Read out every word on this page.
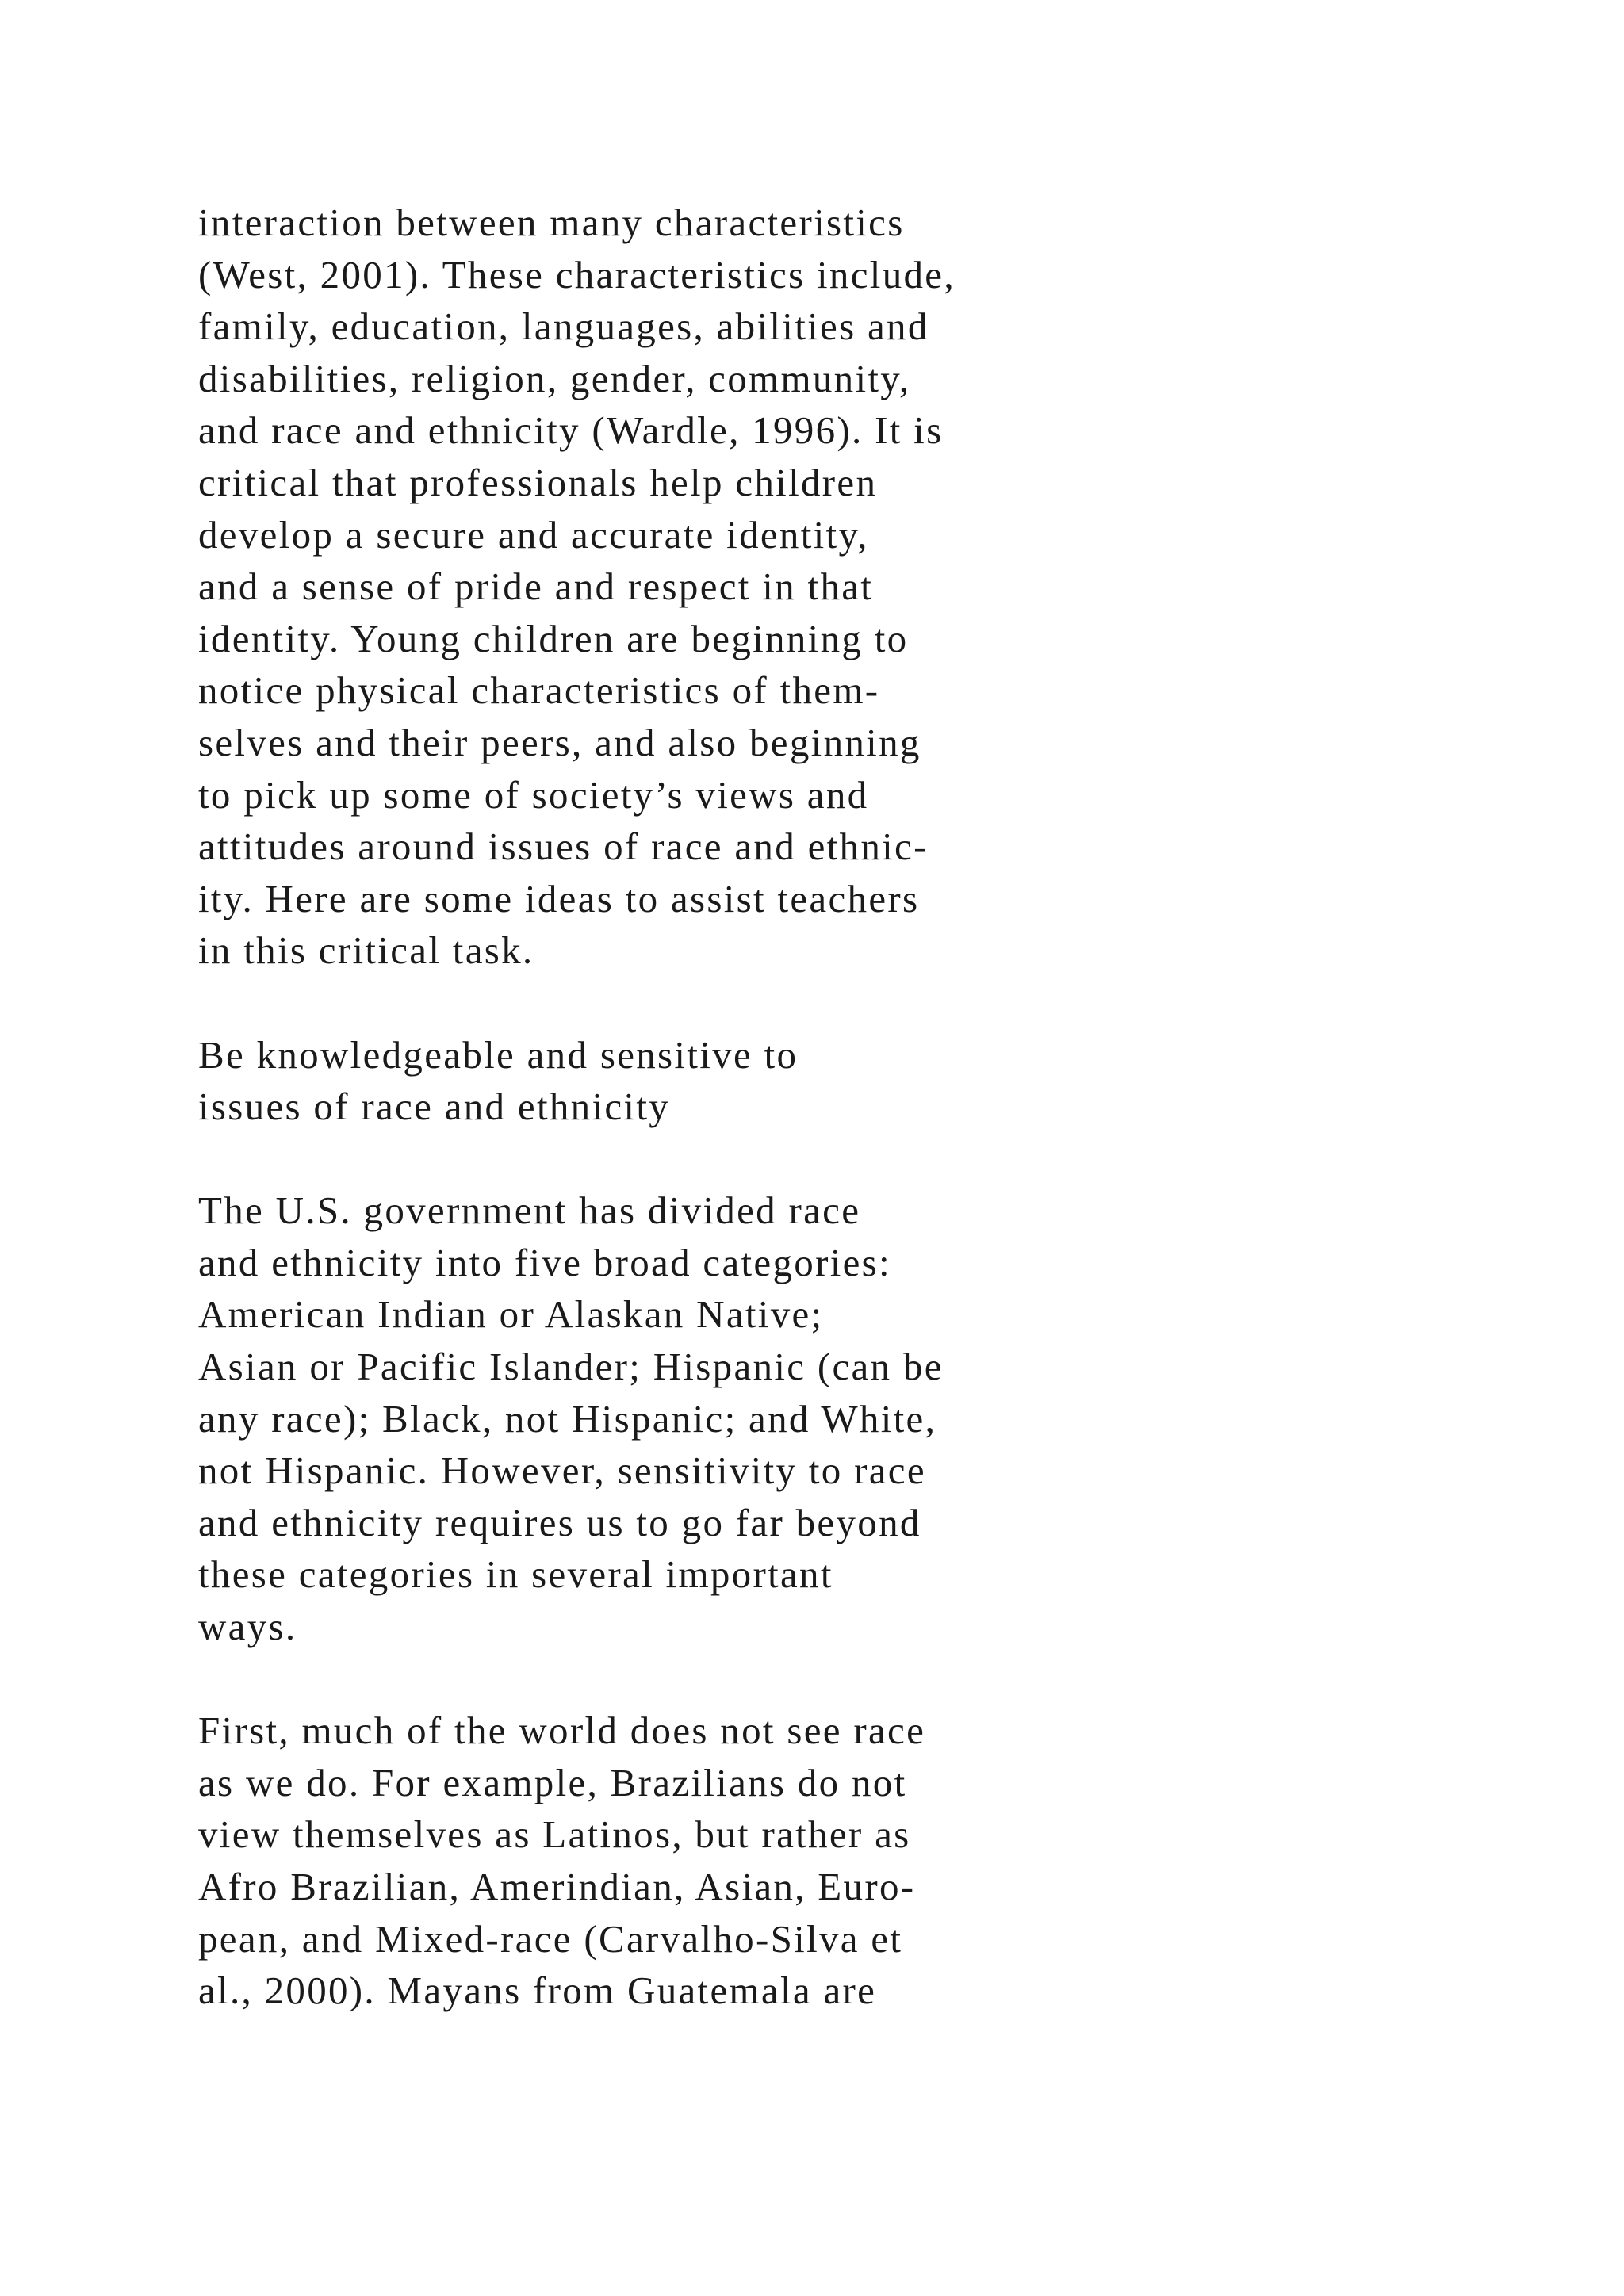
interaction between many characteristics
(West, 2001). These characteristics include,
family, education, languages, abilities and
disabilities, religion, gender, community,
and race and ethnicity (Wardle, 1996). It is
critical that professionals help children
develop a secure and accurate identity,
and a sense of pride and respect in that
identity. Young children are beginning to
notice physical characteristics of them-
selves and their peers, and also beginning
to pick up some of society’s views and
attitudes around issues of race and ethnic-
ity. Here are some ideas to assist teachers
in this critical task.

Be knowledgeable and sensitive to
issues of race and ethnicity

The U.S. government has divided race
and ethnicity into five broad categories:
American Indian or Alaskan Native;
Asian or Pacific Islander; Hispanic (can be
any race); Black, not Hispanic; and White,
not Hispanic. However, sensitivity to race
and ethnicity requires us to go far beyond
these categories in several important
ways.

First, much of the world does not see race
as we do. For example, Brazilians do not
view themselves as Latinos, but rather as
Afro Brazilian, Amerindian, Asian, Euro-
pean, and Mixed-race (Carvalho-Silva et
al., 2000). Mayans from Guatemala are
